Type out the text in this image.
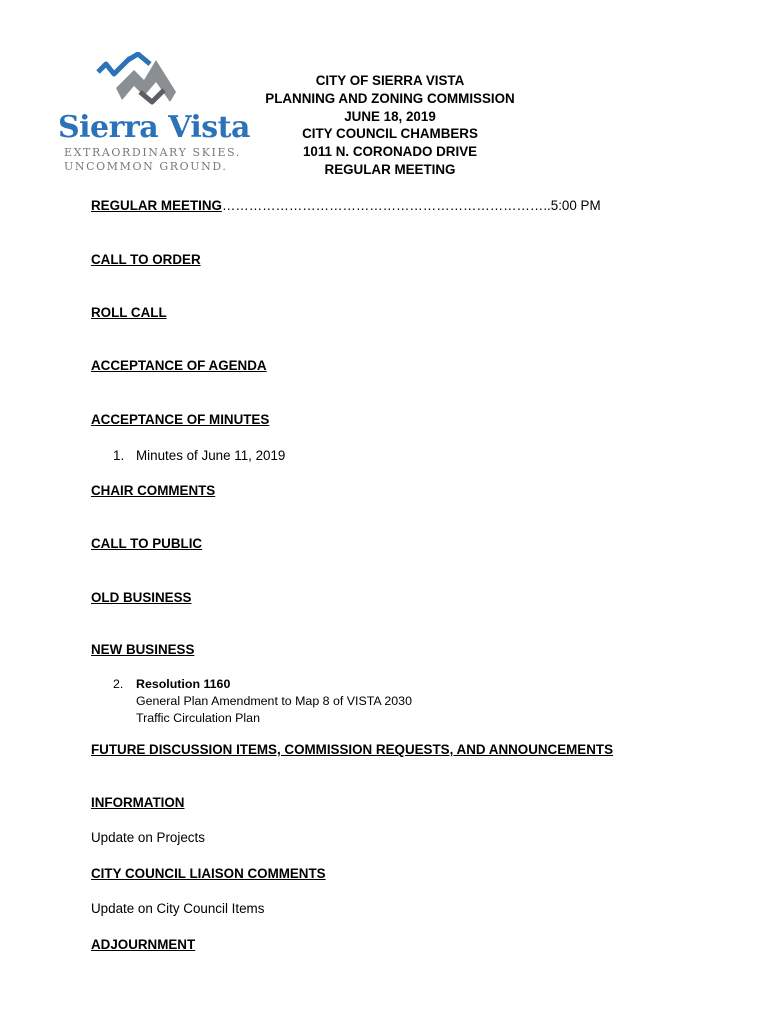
Sierra Vista
EXTRAORDINARY SKIES.
UNCOMMON GROUND.
CITY OF SIERRA VISTA
PLANNING AND ZONING COMMISSION
JUNE 18, 2019
CITY COUNCIL CHAMBERS
1011 N. CORONADO DRIVE
REGULAR MEETING
REGULAR MEETING………………………………………………………………..5:00 PM
CALL TO ORDER
ROLL CALL
ACCEPTANCE OF AGENDA
ACCEPTANCE OF MINUTES
1. Minutes of June 11, 2019
CHAIR COMMENTS
CALL TO PUBLIC
OLD BUSINESS
NEW BUSINESS
2. Resolution 1160
General Plan Amendment to Map 8 of VISTA 2030
Traffic Circulation Plan
FUTURE DISCUSSION ITEMS, COMMISSION REQUESTS, AND ANNOUNCEMENTS
INFORMATION
Update on Projects
CITY COUNCIL LIAISON COMMENTS
Update on City Council Items
ADJOURNMENT
